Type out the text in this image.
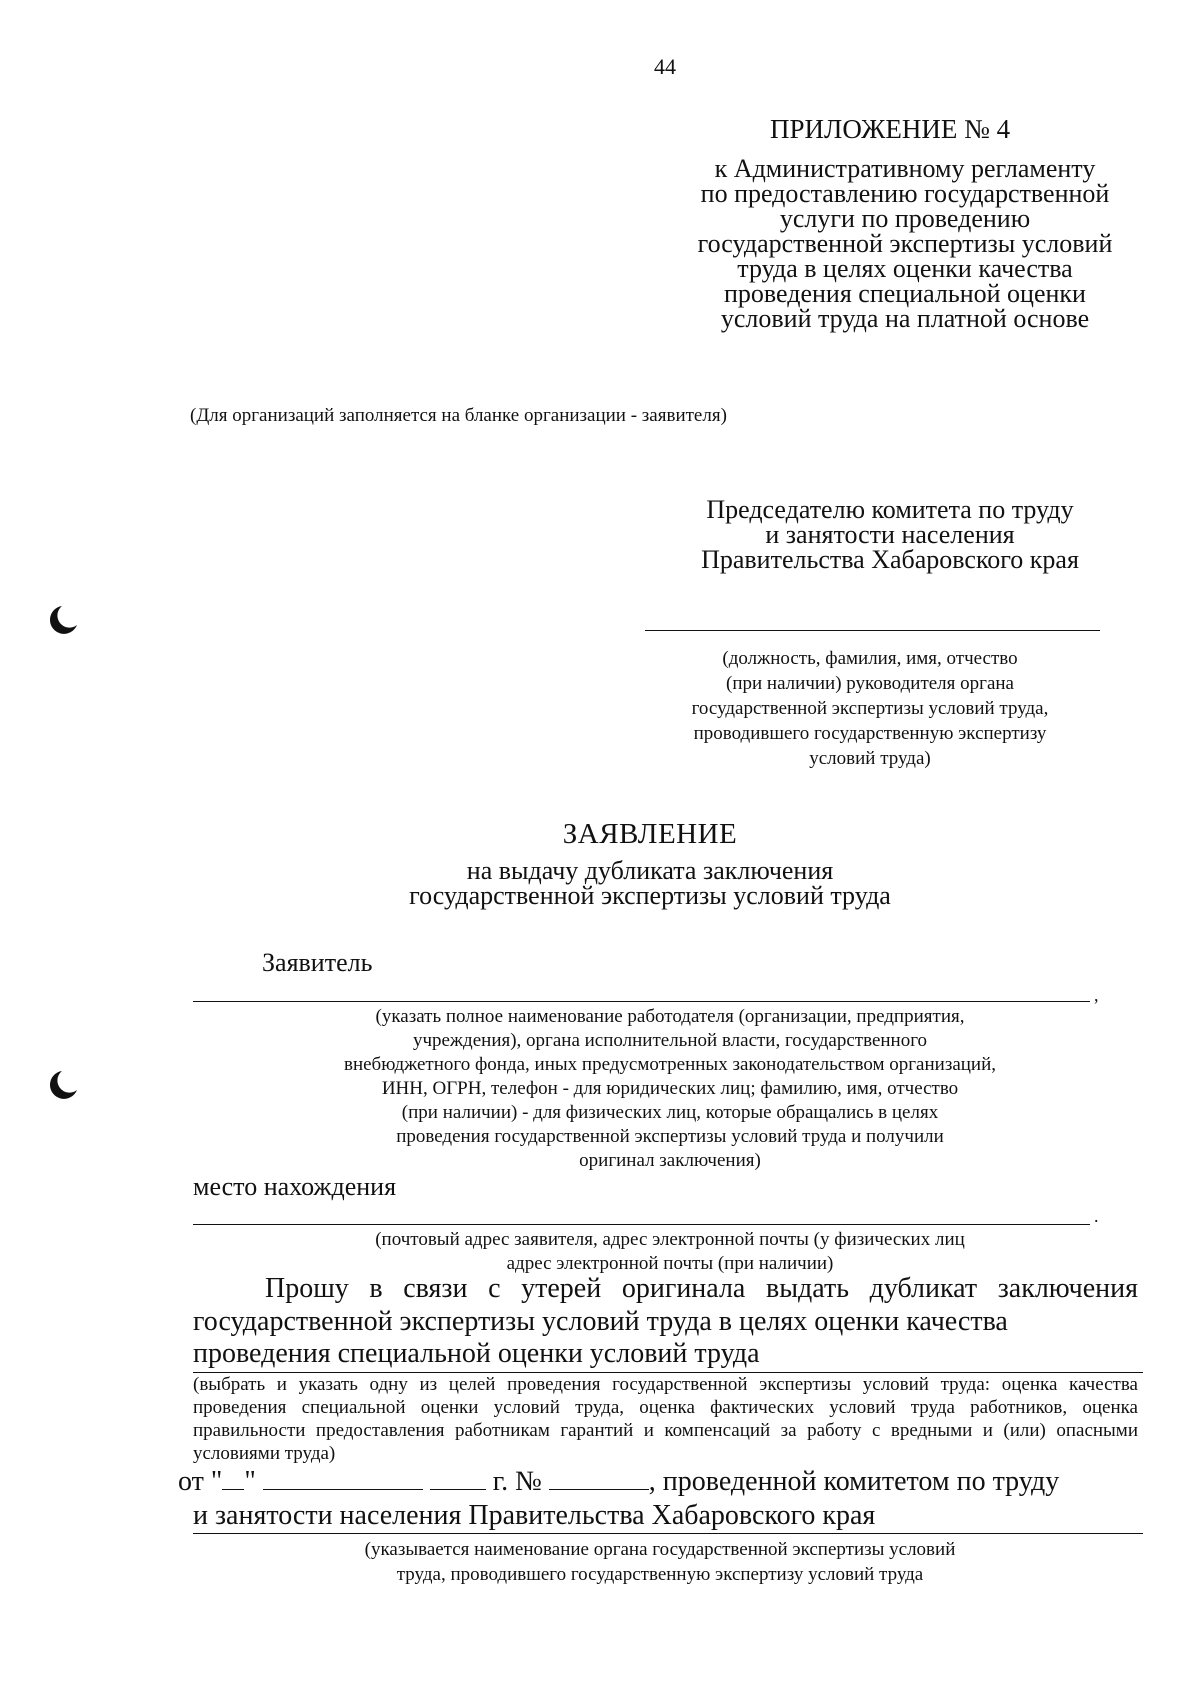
44
ПРИЛОЖЕНИЕ № 4
к Административному регламенту
по предоставлению государственной
услуги по проведению
государственной экспертизы условий
труда в целях оценки качества
проведения специальной оценки
условий труда на платной основе
(Для организаций заполняется на бланке организации - заявителя)
Председателю комитета по труду
и занятости населения
Правительства Хабаровского края
(должность, фамилия, имя, отчество
(при наличии) руководителя органа
государственной экспертизы условий труда,
проводившего государственную экспертизу
условий труда)
ЗАЯВЛЕНИЕ
на выдачу дубликата заключения
государственной экспертизы условий труда
Заявитель
,
(указать полное наименование работодателя (организации, предприятия,
учреждения), органа исполнительной власти, государственного
внебюджетного фонда, иных предусмотренных законодательством организаций,
ИНН, ОГРН, телефон - для юридических лиц; фамилию, имя, отчество
(при наличии) - для физических лиц, которые обращались в целях
проведения государственной экспертизы условий труда и получили
оригинал заключения)
место нахождения
.
(почтовый адрес заявителя, адрес электронной почты (у физических лиц
адрес электронной почты (при наличии)
Прошу в связи с утерей оригинала выдать дубликат заключения государственной экспертизы условий труда в целях оценки качества
проведения специальной оценки условий труда
(выбрать и указать одну из целей проведения государственной экспертизы условий труда: оценка качества проведения специальной оценки условий труда, оценка фактических условий труда работников, оценка правильности предоставления работникам гарантий и компенсаций за работу с вредными и (или) опасными условиями труда)
от " "	г. №	, проведенной комитетом по труду
и занятости населения Правительства Хабаровского края
(указывается наименование органа государственной экспертизы условий
труда, проводившего государственную экспертизу условий труда
